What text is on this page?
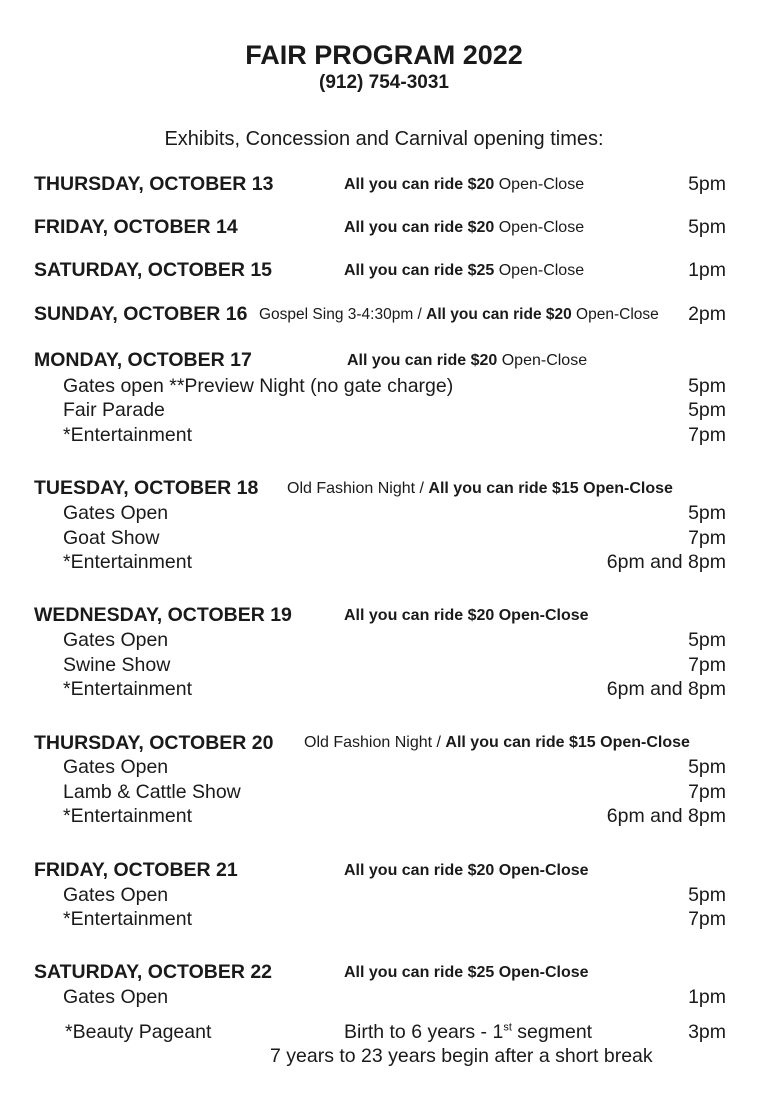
FAIR PROGRAM 2022
(912) 754-3031
Exhibits, Concession and Carnival opening times:
THURSDAY, OCTOBER 13	All you can ride $20 Open-Close	5pm
FRIDAY, OCTOBER 14	All you can ride $20 Open-Close	5pm
SATURDAY, OCTOBER 15	All you can ride $25 Open-Close	1pm
SUNDAY, OCTOBER 16 Gospel Sing 3-4:30pm / All you can ride $20 Open-Close 2pm
MONDAY, OCTOBER 17	All you can ride $20 Open-Close
Gates open **Preview Night (no gate charge)	5pm
Fair Parade	5pm
*Entertainment	7pm
TUESDAY, OCTOBER 18 Old Fashion Night / All you can ride $15 Open-Close
Gates Open	5pm
Goat Show	7pm
*Entertainment	6pm and 8pm
WEDNESDAY, OCTOBER 19	All you can ride $20 Open-Close
Gates Open	5pm
Swine Show	7pm
*Entertainment	6pm and 8pm
THURSDAY, OCTOBER 20 Old Fashion Night / All you can ride $15 Open-Close
Gates Open	5pm
Lamb & Cattle Show	7pm
*Entertainment	6pm and 8pm
FRIDAY, OCTOBER 21	All you can ride $20 Open-Close
Gates Open	5pm
*Entertainment	7pm
SATURDAY, OCTOBER 22	All you can ride $25 Open-Close
Gates Open	1pm
*Beauty Pageant	Birth to 6 years - 1st segment	3pm
7 years to 23 years begin after a short break
